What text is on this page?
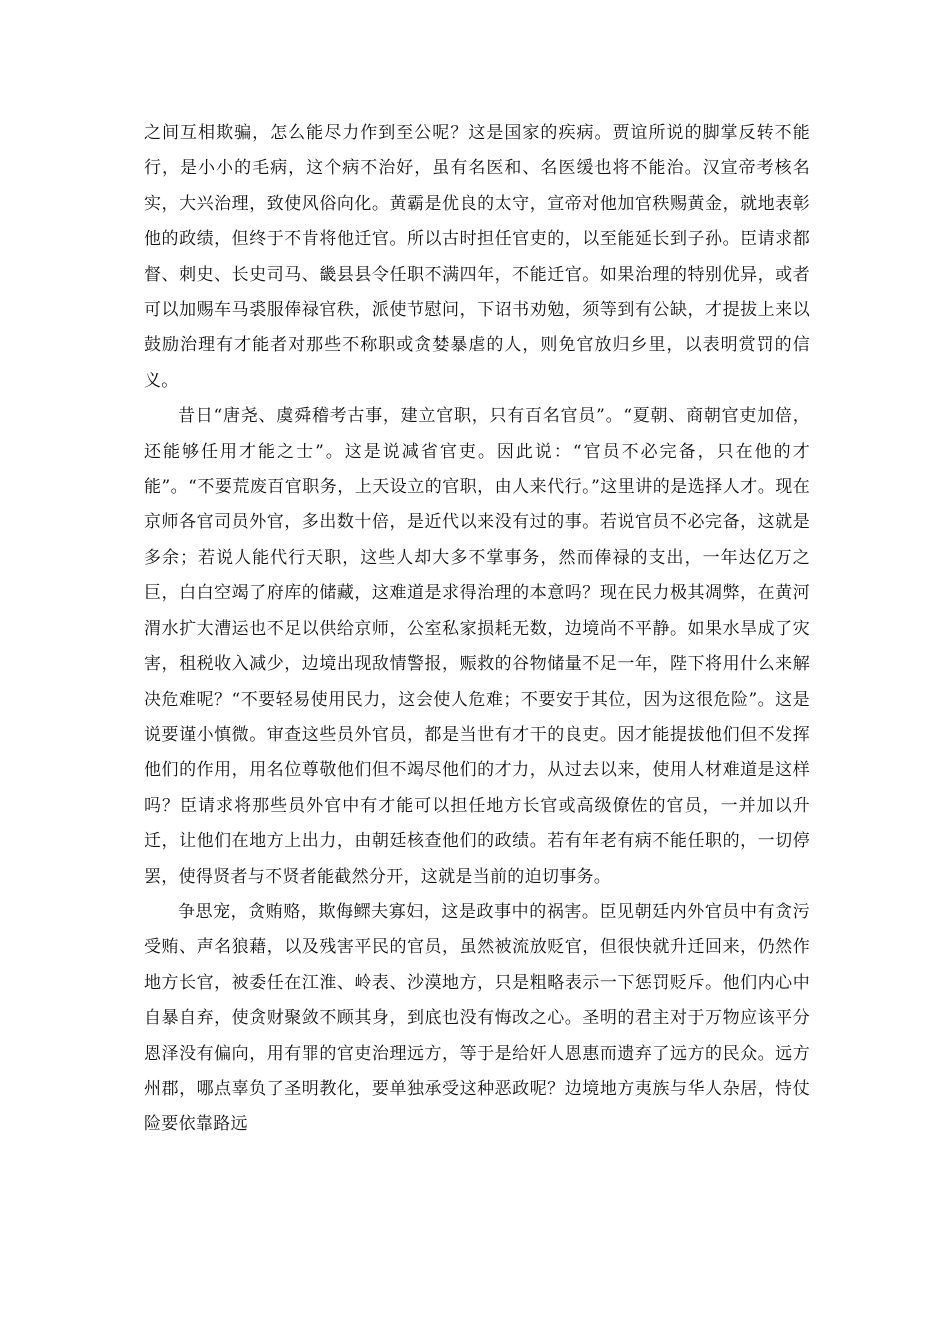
之间互相欺骗，怎么能尽力作到至公呢？这是国家的疾病。贾谊所说的脚掌反转不能行，是小小的毛病，这个病不治好，虽有名医和、名医缓也将不能治。汉宣帝考核名实，大兴治理，致使风俗向化。黄霸是优良的太守，宣帝对他加官秩赐黄金，就地表彰他的政绩，但终于不肯将他迁官。所以古时担任官吏的，以至能延长到子孙。臣请求都督、刺史、长史司马、畿县县令任职不满四年，不能迁官。如果治理的特别优异，或者可以加赐车马裘服俸禄官秩，派使节慰问，下诏书劝勉，须等到有公缺，才提拔上来以鼓励治理有才能者对那些不称职或贪婪暴虐的人，则免官放归乡里，以表明赏罚的信义。

昔日“唐尧、虞舜稽考古事，建立官职，只有百名官员”。“夏朝、商朝官吏加倍，还能够任用才能之士”。这是说减省官吏。因此说：“官员不必完备，只在他的才能”。“不要荒废百官职务，上天设立的官职，由人来代行。”这里讲的是选择人才。现在京师各官司员外官，多出数十倍，是近代以来没有过的事。若说官员不必完备，这就是多余；若说人能代行天职，这些人却大多不掌事务，然而俸禄的支出，一年达亿万之巨，白白空竭了府库的储藏，这难道是求得治理的本意吗？现在民力极其凋弊，在黄河渭水扩大漕运也不足以供给京师，公室私家损耗无数，边境尚不平静。如果水旱成了灾害，租税收入减少，边境出现敌情警报，赈救的谷物储量不足一年，陛下将用什么来解决危难呢？“不要轻易使用民力，这会使人危难；不要安于其位，因为这很危险”。这是说要谨小慎微。审查这些员外官员，都是当世有才干的良吏。因才能提拔他们但不发挥他们的作用，用名位尊敬他们但不竭尽他们的才力，从过去以来，使用人材难道是这样吗？臣请求将那些员外官中有才能可以担任地方长官或高级僚佐的官员，一并加以升迁，让他们在地方上出力，由朝廷核查他们的政绩。若有年老有病不能任职的，一切停罢，使得贤者与不贤者能截然分开，这就是当前的迫切事务。

争思宠，贪贿赂，欺侮鳏夫寡妇，这是政事中的祸害。臣见朝廷内外官员中有贪污受贿、声名狼藉，以及残害平民的官员，虽然被流放贬官，但很快就升迁回来，仍然作地方长官，被委任在江淮、岭表、沙漠地方，只是粗略表示一下惩罚贬斥。他们内心中自暴自弃，使贪财聚敛不顾其身，到底也没有悔改之心。圣明的君主对于万物应该平分恩泽没有偏向，用有罪的官吏治理远方，等于是给奸人恩惠而遗弃了远方的民众。远方州郡，哪点辜负了圣明教化，要单独承受这种恶政呢？边境地方夷族与华人杂居，恃仗险要依靠路远
